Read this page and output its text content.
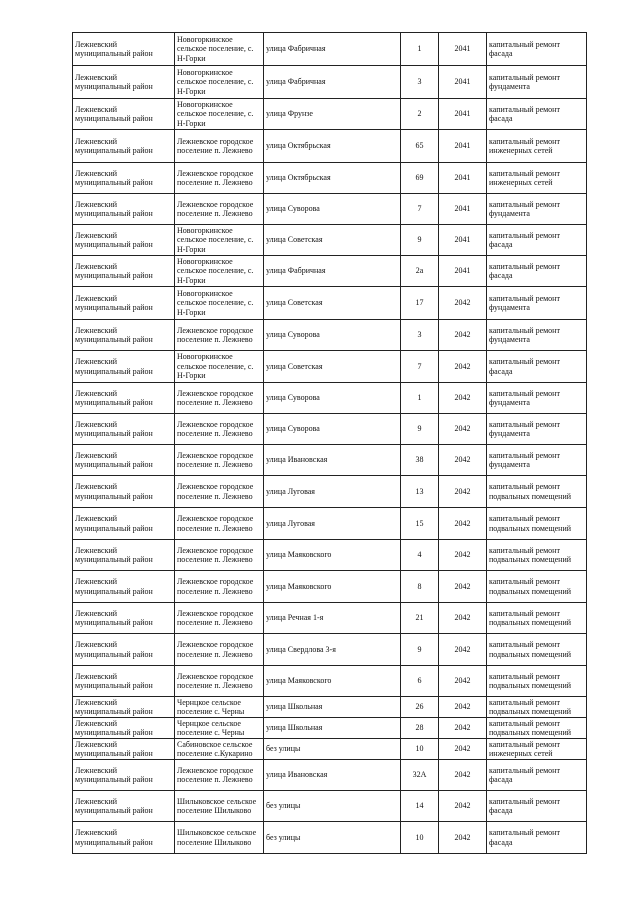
Лежневский муниципальный район	Новогоркинское сельское поселение, с. Н-Горки	улица Фабричная	1	2041	капитальный ремонт фасада
Лежневский муниципальный район	Новогоркинское сельское поселение, с. Н-Горки	улица Фабричная	3	2041	капитальный ремонт фундамента
Лежневский муниципальный район	Новогоркинское сельское поселение, с. Н-Горки	улица Фрунзе	2	2041	капитальный ремонт фасада
Лежневский муниципальный район	Лежневское городское поселение п. Лежнево	улица Октябрьская	65	2041	капитальный ремонт инженерных сетей
Лежневский муниципальный район	Лежневское городское поселение п. Лежнево	улица Октябрьская	69	2041	капитальный ремонт инженерных сетей
Лежневский муниципальный район	Лежневское городское поселение п. Лежнево	улица Суворова	7	2041	капитальный ремонт фундамента
Лежневский муниципальный район	Новогоркинское сельское поселение, с. Н-Горки	улица Советская	9	2041	капитальный ремонт фасада
Лежневский муниципальный район	Новогоркинское сельское поселение, с. Н-Горки	улица Фабричная	2а	2041	капитальный ремонт фасада
Лежневский муниципальный район	Новогоркинское сельское поселение, с. Н-Горки	улица Советская	17	2042	капитальный ремонт фундамента
Лежневский муниципальный район	Лежневское городское поселение п. Лежнево	улица Суворова	3	2042	капитальный ремонт фундамента
Лежневский муниципальный район	Новогоркинское сельское поселение, с. Н-Горки	улица Советская	7	2042	капитальный ремонт фасада
Лежневский муниципальный район	Лежневское городское поселение п. Лежнево	улица Суворова	1	2042	капитальный ремонт фундамента
Лежневский муниципальный район	Лежневское городское поселение п. Лежнево	улица Суворова	9	2042	капитальный ремонт фундамента
Лежневский муниципальный район	Лежневское городское поселение п. Лежнево	улица Ивановская	38	2042	капитальный ремонт фундамента
Лежневский муниципальный район	Лежневское городское поселение п. Лежнево	улица Луговая	13	2042	капитальный ремонт подвальных помещений
Лежневский муниципальный район	Лежневское городское поселение п. Лежнево	улица Луговая	15	2042	капитальный ремонт подвальных помещений
Лежневский муниципальный район	Лежневское городское поселение п. Лежнево	улица Маяковского	4	2042	капитальный ремонт подвальных помещений
Лежневский муниципальный район	Лежневское городское поселение п. Лежнево	улица Маяковского	8	2042	капитальный ремонт подвальных помещений
Лежневский муниципальный район	Лежневское городское поселение п. Лежнево	улица Речная 1-я	21	2042	капитальный ремонт подвальных помещений
Лежневский муниципальный район	Лежневское городское поселение п. Лежнево	улица Свердлова 3-я	9	2042	капитальный ремонт подвальных помещений
Лежневский муниципальный район	Лежневское городское поселение п. Лежнево	улица Маяковского	6	2042	капитальный ремонт подвальных помещений
Лежневский муниципальный район	Чернцкое сельское поселение с. Черны	улица Школьная	26	2042	капитальный ремонт подвальных помещений
Лежневский муниципальный район	Чернцкое сельское поселение с. Черны	улица Школьная	28	2042	капитальный ремонт подвальных помещений
Лежневский муниципальный район	Сабиновское сельское поселение с.Кукарино	без улицы	10	2042	капитальный ремонт инженерных сетей
Лежневский муниципальный район	Лежневское городское поселение п. Лежнево	улица Ивановская	32А	2042	капитальный ремонт фасада
Лежневский муниципальный район	Шилыковское сельское поселение Шилыково	без улицы	14	2042	капитальный ремонт фасада
Лежневский муниципальный район	Шилыковское сельское поселение Шилыково	без улицы	10	2042	капитальный ремонт фасада
